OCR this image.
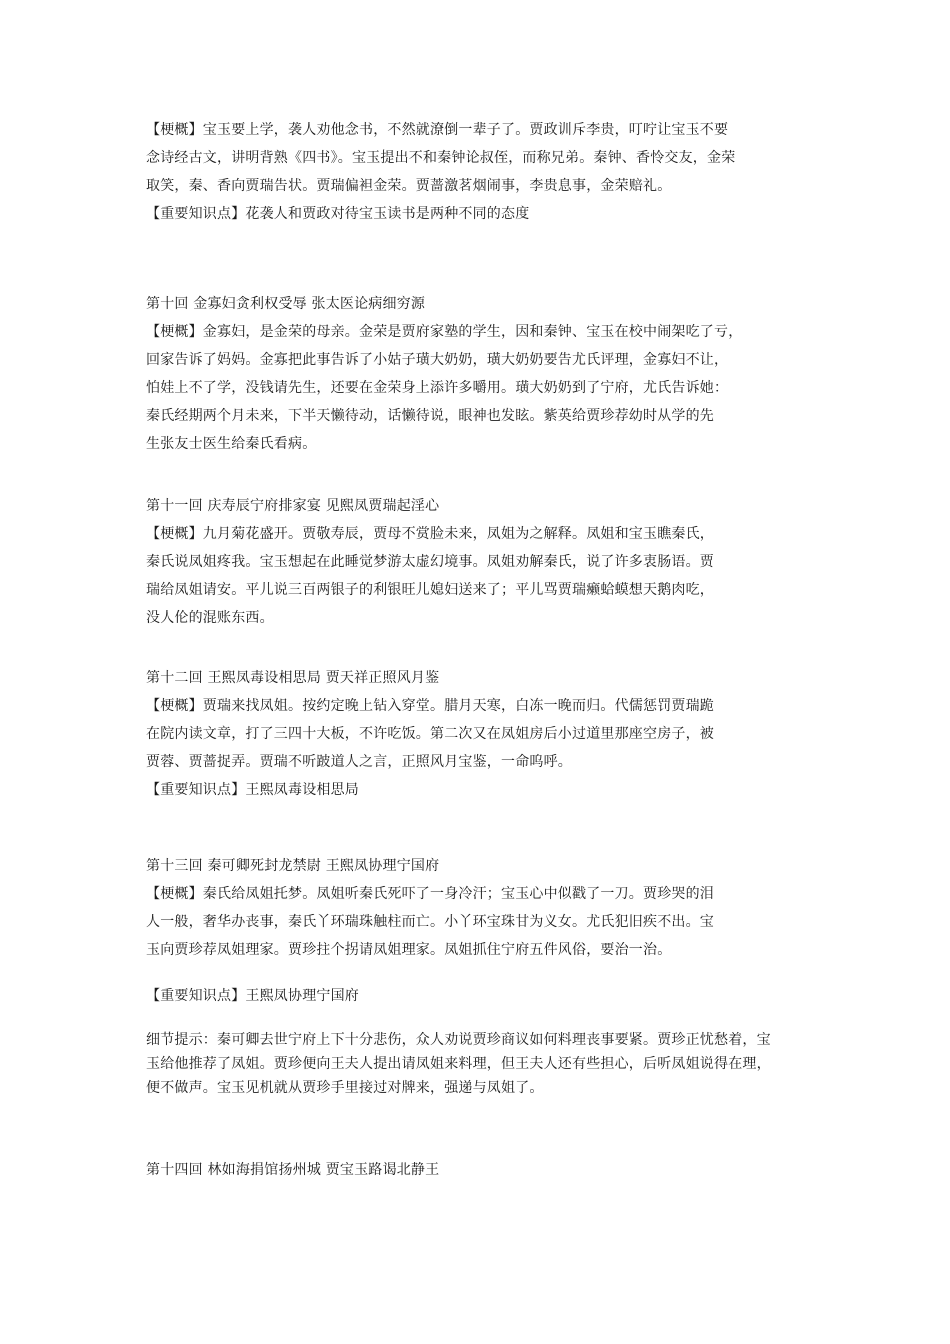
【梗概】宝玉要上学，袭人劝他念书，不然就潦倒一辈子了。贾政训斥李贵，叮咛让宝玉不要
念诗经古文，讲明背熟《四书》。宝玉提出不和秦钟论叔侄，而称兄弟。秦钟、香怜交友，金荣
取笑，秦、香向贾瑞告状。贾瑞偏袒金荣。贾蔷激茗烟闹事，李贵息事，金荣赔礼。
【重要知识点】花袭人和贾政对待宝玉读书是两种不同的态度
第十回 金寡妇贪利权受辱 张太医论病细穷源
【梗概】金寡妇，是金荣的母亲。金荣是贾府家塾的学生，因和秦钟、宝玉在校中闹架吃了亏，
回家告诉了妈妈。金寡把此事告诉了小姑子璜大奶奶，璜大奶奶要告尤氏评理，金寡妇不让，
怕娃上不了学，没钱请先生，还要在金荣身上添许多嚼用。璜大奶奶到了宁府，尤氏告诉她：
秦氏经期两个月未来，下半天懒待动，话懒待说，眼神也发眩。紫英给贾珍荐幼时从学的先
生张友士医生给秦氏看病。
第十一回 庆寿辰宁府排家宴 见熙凤贾瑞起淫心
【梗概】九月菊花盛开。贾敬寿辰，贾母不赏脸未来，凤姐为之解释。凤姐和宝玉瞧秦氏，
秦氏说凤姐疼我。宝玉想起在此睡觉梦游太虚幻境事。凤姐劝解秦氏，说了许多衷肠语。贾
瑞给凤姐请安。平儿说三百两银子的利银旺儿媳妇送来了；平儿骂贾瑞癞蛤蟆想天鹅肉吃，
没人伦的混账东西。
第十二回 王熙凤毒设相思局 贾天祥正照风月鉴
【梗概】贾瑞来找凤姐。按约定晚上钻入穿堂。腊月天寒，白冻一晚而归。代儒惩罚贾瑞跪
在院内读文章，打了三四十大板，不许吃饭。第二次又在凤姐房后小过道里那座空房子，被
贾蓉、贾蔷捉弄。贾瑞不听跛道人之言，正照风月宝鉴，一命呜呼。
【重要知识点】王熙凤毒设相思局
第十三回 秦可卿死封龙禁尉 王熙凤协理宁国府
【梗概】秦氏给凤姐托梦。凤姐听秦氏死吓了一身冷汗；宝玉心中似戳了一刀。贾珍哭的泪
人一般，奢华办丧事，秦氏丫环瑞珠触柱而亡。小丫环宝珠甘为义女。尤氏犯旧疾不出。宝
玉向贾珍荐凤姐理家。贾珍拄个拐请凤姐理家。凤姐抓住宁府五件风俗，要治一治。
【重要知识点】王熙凤协理宁国府
细节提示：秦可卿去世宁府上下十分悲伤，众人劝说贾珍商议如何料理丧事要紧。贾珍正忧愁着，宝
玉给他推荐了凤姐。贾珍便向王夫人提出请凤姐来料理，但王夫人还有些担心，后听凤姐说得在理，
便不做声。宝玉见机就从贾珍手里接过对牌来，强递与凤姐了。
第十四回 林如海捐馆扬州城 贾宝玉路谒北静王
